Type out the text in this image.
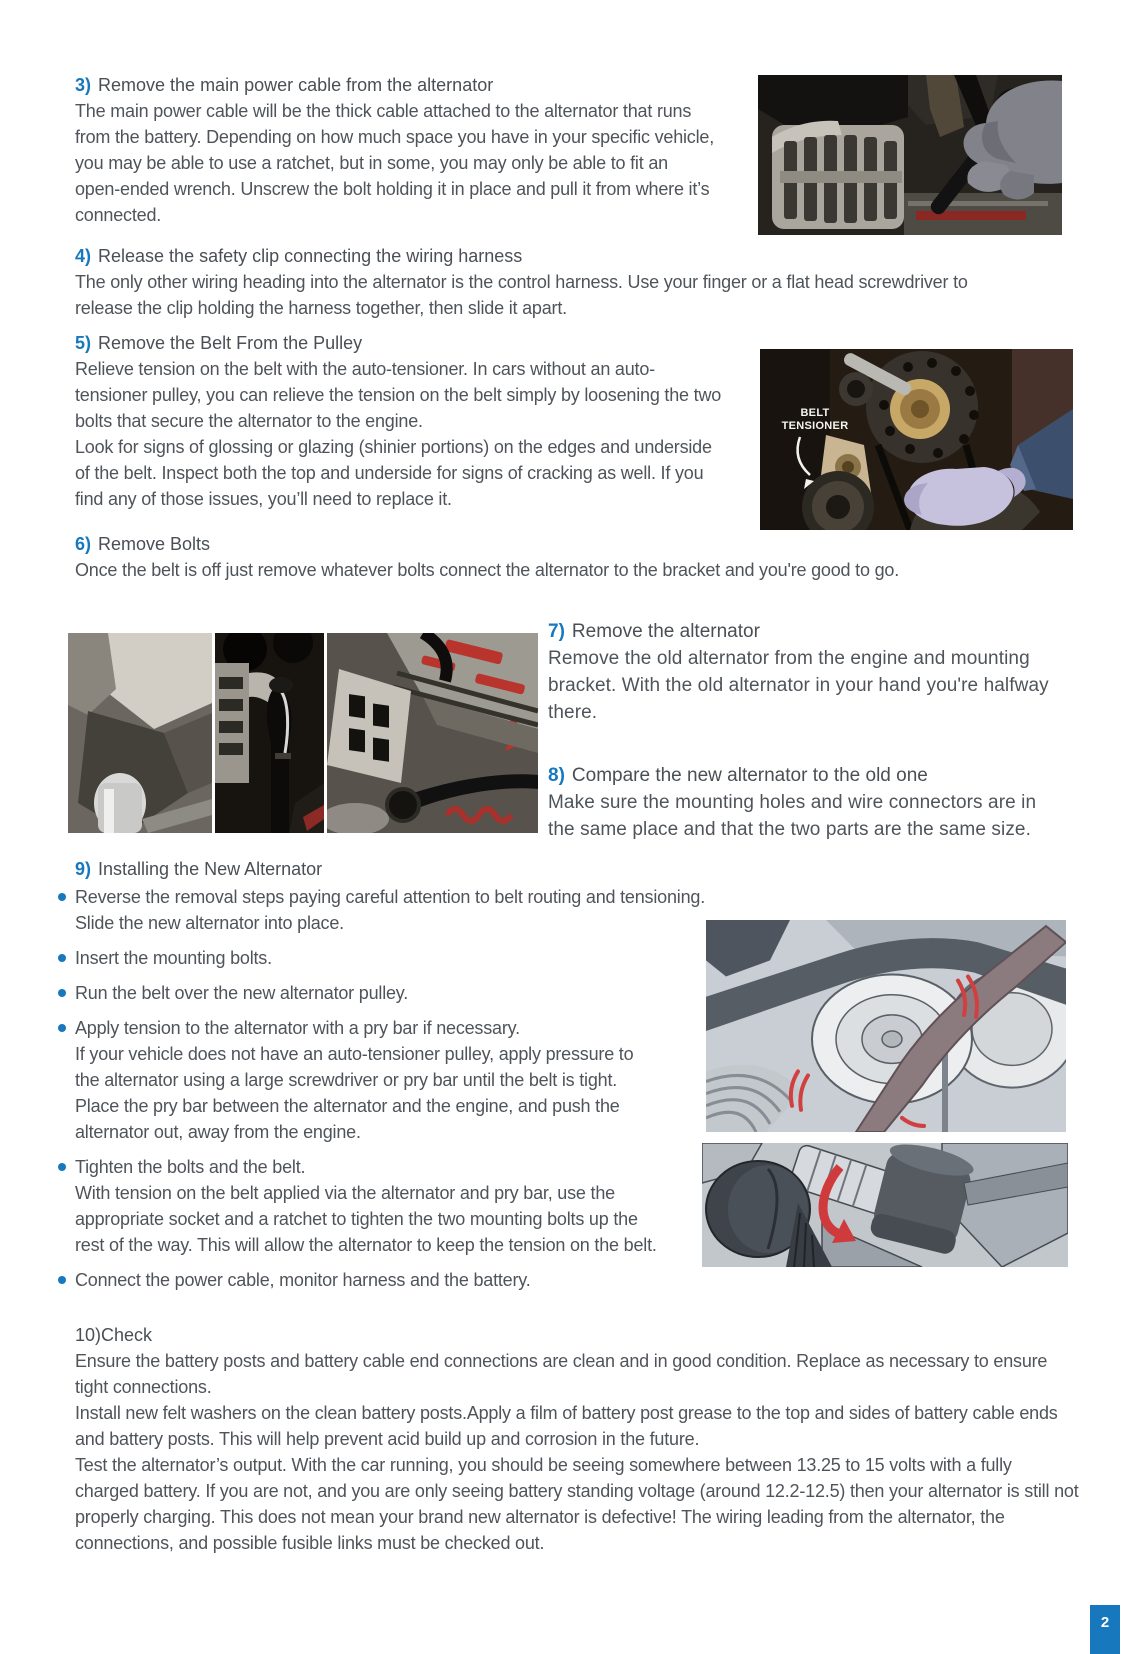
3) Remove the main power cable from the alternator

The main power cable will be the thick cable attached to the alternator that runs from the battery. Depending on how much space you have in your specific vehicle, you may be able to use a ratchet, but in some, you may only be able to fit an open-ended wrench. Unscrew the bolt holding it in place and pull it from where it’s connected.

4) Release the safety clip connecting the wiring harness

The only other wiring heading into the alternator is the control harness. Use your finger or a flat head screwdriver to release the clip holding the harness together, then slide it apart.

5) Remove the Belt From the Pulley

Relieve tension on the belt with the auto-tensioner. In cars without an auto-tensioner pulley, you can relieve the tension on the belt simply by loosening the two bolts that secure the alternator to the engine.

Look for signs of glossing or glazing (shinier portions) on the edges and underside of the belt. Inspect both the top and underside for signs of cracking as well. If you find any of those issues, you’ll need to replace it.

BELT
TENSIONER
6) Remove Bolts

Once the belt is off just remove whatever bolts connect the alternator to the bracket and you're good to go.

7) Remove the alternator

Remove the old alternator from the engine and mounting bracket. With the old alternator in your hand you're halfway there.

8) Compare the new alternator to the old one

Make sure the mounting holes and wire connectors are in the same place and that the two parts are the same size.

9) Installing the New Alternator

Reverse the removal steps paying careful attention to belt routing and tensioning.

Slide the new alternator into place.

Insert the mounting bolts.

Run the belt over the new alternator pulley.

Apply tension to the alternator with a pry bar if necessary.

If your vehicle does not have an auto-tensioner pulley, apply pressure to the alternator using a large screwdriver or pry bar until the belt is tight. Place the pry bar between the alternator and the engine, and push the alternator out, away from the engine.

Tighten the bolts and the belt.

With tension on the belt applied via the alternator and pry bar, use the appropriate socket and a ratchet to tighten the two mounting bolts up the rest of the way. This will allow the alternator to keep the tension on the belt.

Connect the power cable, monitor harness and the battery.

10)Check

Ensure the battery posts and battery cable end connections are clean and in good condition. Replace as necessary to ensure tight connections.

Install new felt washers on the clean battery posts.Apply a film of battery post grease to the top and sides of battery cable ends and battery posts. This will help prevent acid build up and corrosion in the future.

Test the alternator’s output. With the car running, you should be seeing somewhere between 13.25 to 15 volts with a fully charged battery. If you are not, and you are only seeing battery standing voltage (around 12.2-12.5) then your alternator is still not properly charging. This does not mean your brand new alternator is defective! The wiring leading from the alternator, the connections, and possible fusible links must be checked out.

2
